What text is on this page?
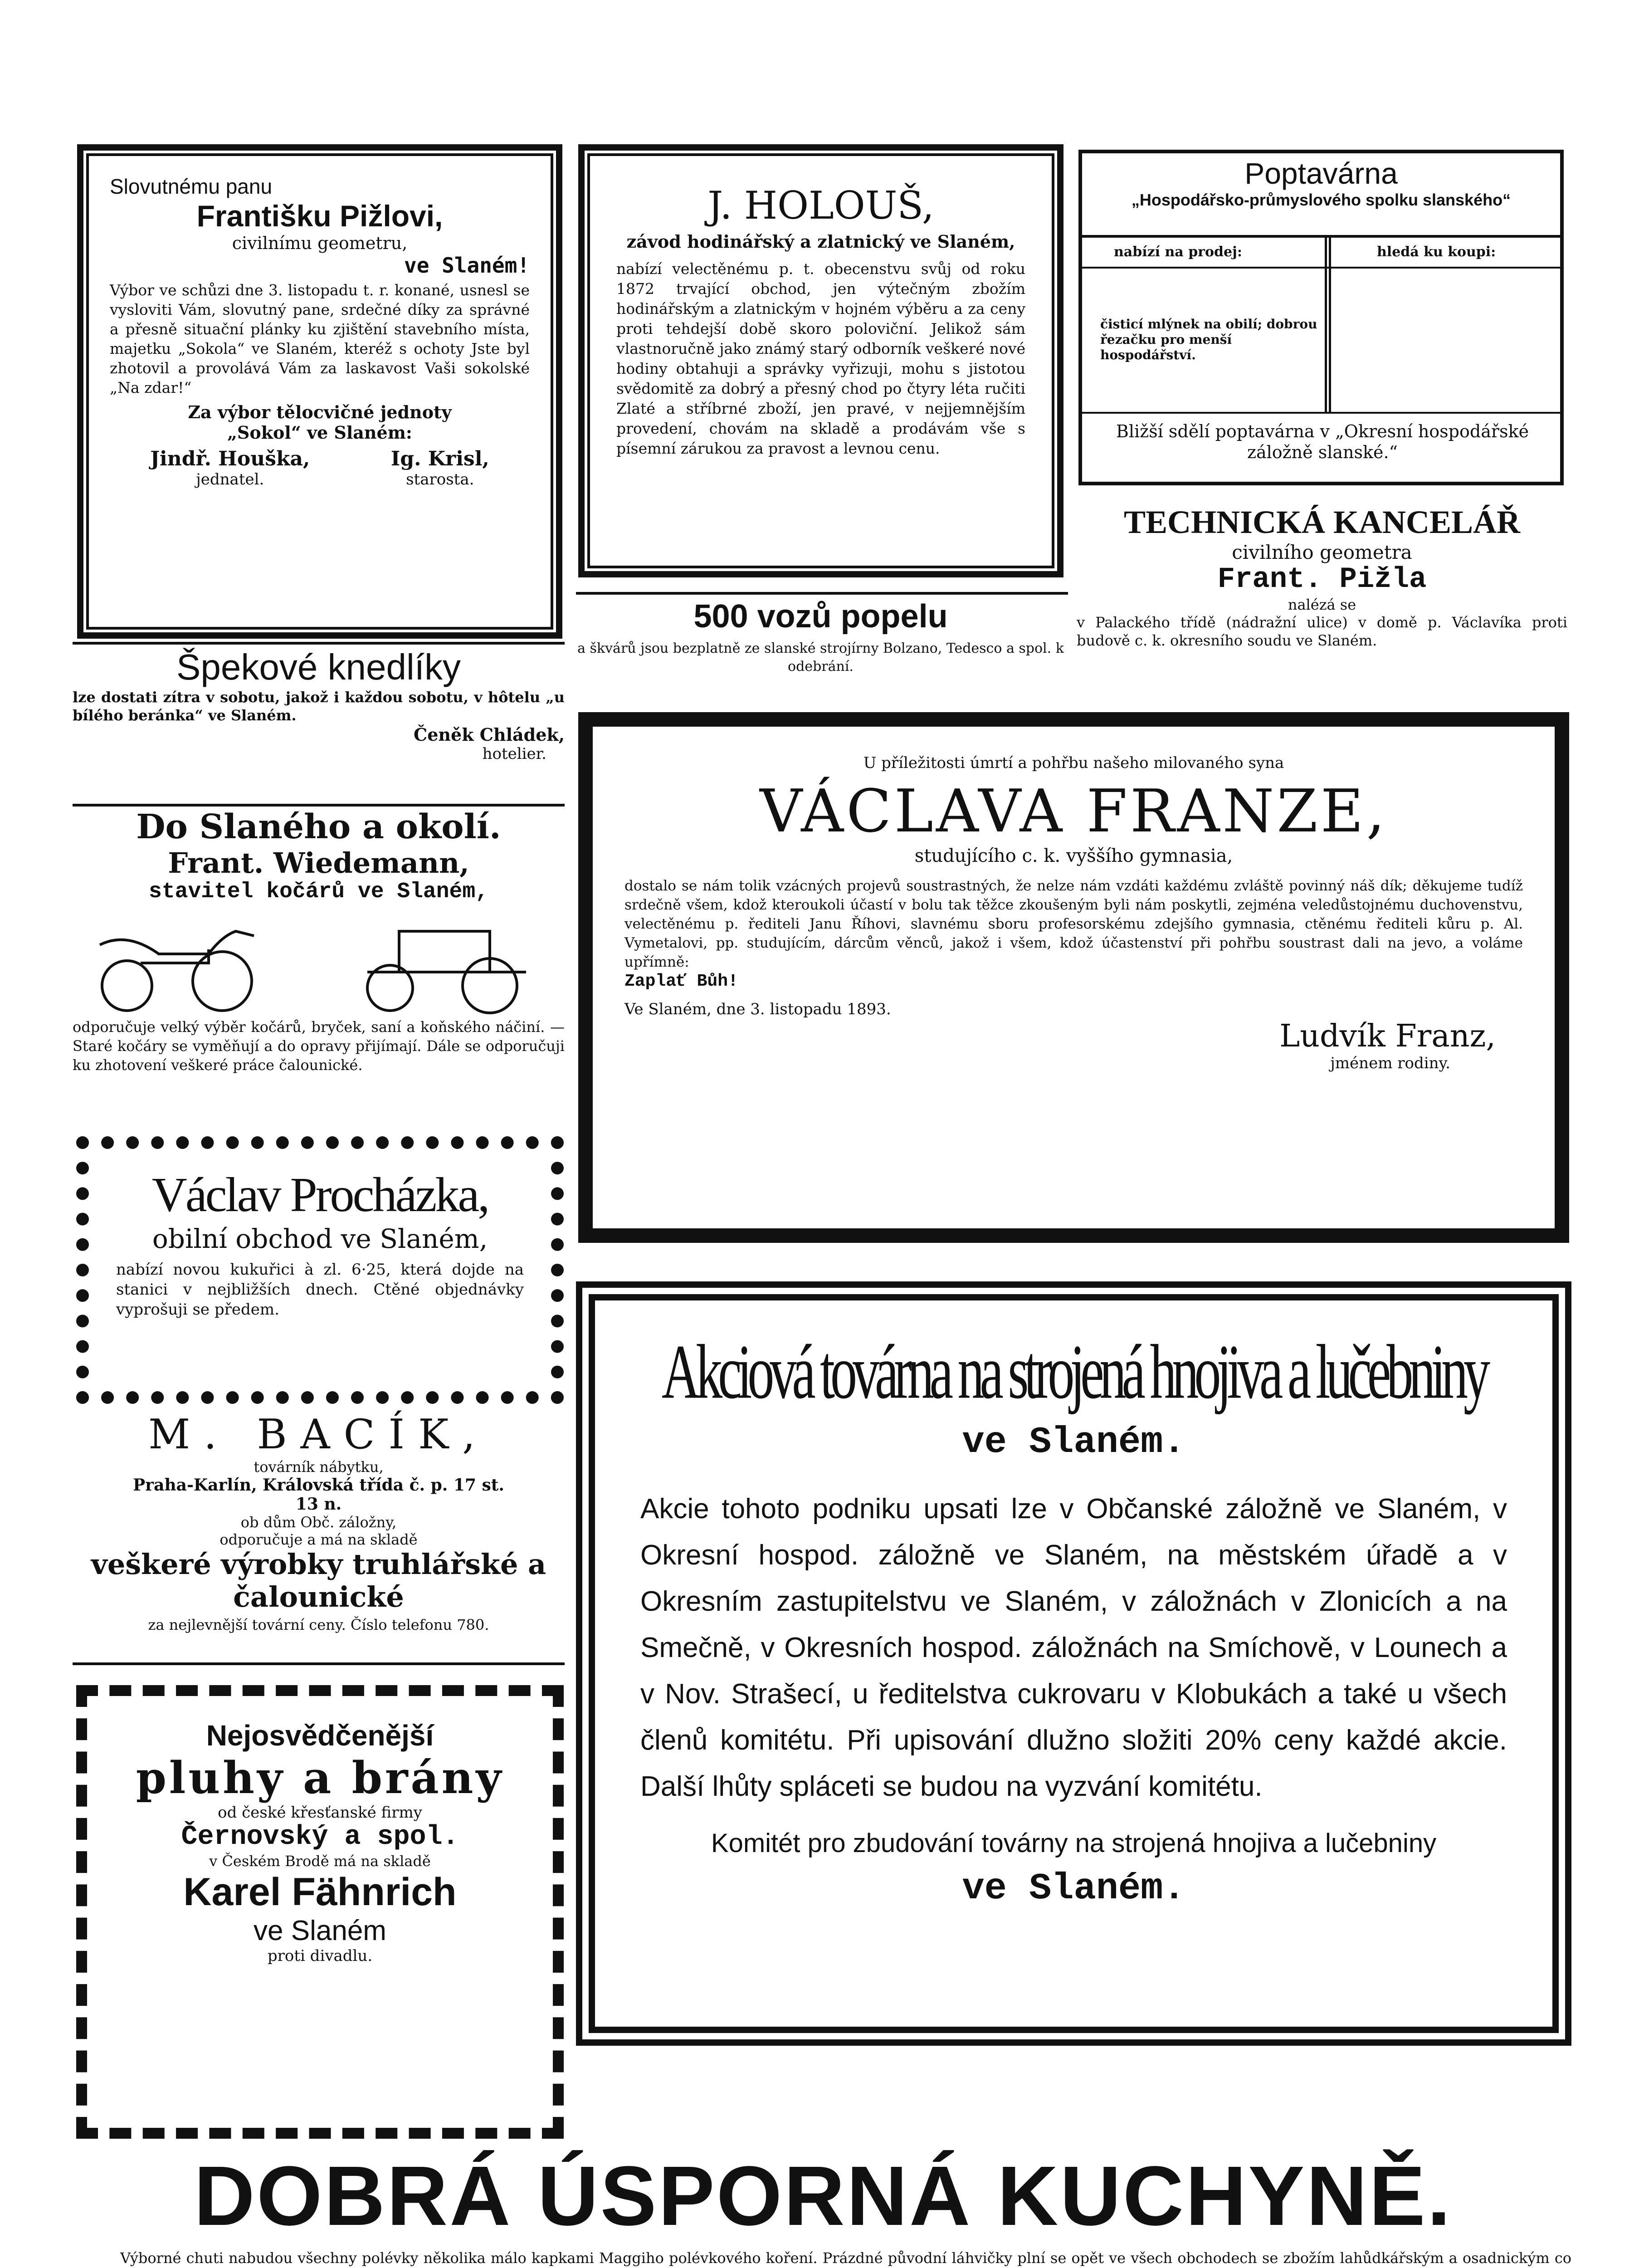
Slovutnému panu

Františku Pižlovi,

civilnímu geometru,

ve Slaném!

Výbor ve schůzi dne 3. listopadu t. r. konané, usnesl se vysloviti Vám, slovutný pane, srdečné díky za správné a přesně situační plánky ku zjištění stavebního místa, majetku „Sokola“ ve Slaném, kteréž s ochoty Jste byl zhotovil a provolává Vám za laskavost Vaši sokolské „Na zdar!“

Za výbor tělocvičné jednoty

„Sokol“ ve Slaném:

Jindř. Houška,

jednatel.

Ig. Krisl,

starosta.

J. HOLOUŠ,

závod hodinářský a zlatnický ve Slaném,

nabízí velectěnému p. t. obecenstvu svůj od roku 1872 trvající obchod, jen výtečným zbožím hodinářským a zlatnickým v hojném výběru a za ceny proti tehdejší době skoro poloviční. Jelikož sám vlastnoručně jako známý starý odborník veškeré nové hodiny obtahuji a správky vyřizuji, mohu s jistotou svědomitě za dobrý a přesný chod po čtyry léta ručiti Zlaté a stříbrné zboží, jen pravé, v nejjemnějším provedení, chovám na skladě a prodávám vše s písemní zárukou za pravost a levnou cenu.

Poptavárna

„Hospodářsko-průmyslového spolku slanského“

nabízí na prodej:	hledá ku koupi:

čisticí mlýnek na obilí; dobrou řezačku pro menší hospodářství.

Bližší sdělí poptavárna v „Okresní hospodářské záložně slanské.“

TECHNICKÁ KANCELÁŘ

civilního geometra

Frant. Pižla

nalézá se

v Palackého třídě (nádražní ulice) v domě p. Václavíka proti budově c. k. okresního soudu ve Slaném.

500 vozů popelu

a škvárů jsou bezplatně ze slanské strojírny Bolzano, Tedesco a spol. k odebrání.

Špekové knedlíky

lze dostati zítra v sobotu, jakož i každou sobotu, v hôtelu „u bílého beránka“ ve Slaném.

Čeněk Chládek,

hotelier.

Do Slaného a okolí.

Frant. Wiedemann,

stavitel kočárů ve Slaném,

odporučuje velký výběr kočárů, bryček, saní a koňského náčiní. — Staré kočáry se vyměňují a do opravy přijímají. Dále se odporučuji ku zhotovení veškeré práce čalounické.

Václav Procházka,

obilní obchod ve Slaném,

nabízí novou kukuřici à zl. 6·25, která dojde na stanici v nejbližších dnech. Ctěné objednávky vyprošuji se předem.

M. BACÍK,

továrník nábytku,

Praha-Karlín, Královská třída č. p. 17 st.

13 n.

ob dům Obč. záložny,

odporučuje a má na skladě

veškeré výrobky truhlářské a čalounické

za nejlevnější tovární ceny. Číslo telefonu 780.

Nejosvědčenější

pluhy a brány

od české křesťanské firmy

Černovský a spol.

v Českém Brodě má na skladě

Karel Fähnrich

ve Slaném

proti divadlu.

U příležitosti úmrtí a pohřbu našeho milovaného syna

VÁCLAVA FRANZE,

studujícího c. k. vyššího gymnasia,

dostalo se nám tolik vzácných projevů soustrastných, že nelze nám vzdáti každému zvláště povinný náš dík; děkujeme tudíž srdečně všem, kdož kteroukoli účastí v bolu tak těžce zkoušeným byli nám poskytli, zejména veledůstojnému duchovenstvu, velectěnému p. řediteli Janu Říhovi, slavnému sboru profesorskému zdejšího gymnasia, ctěnému řediteli kůru p. Al. Vymetalovi, pp. studujícím, dárcům věnců, jakož i všem, kdož účastenství při pohřbu soustrast dali na jevo, a voláme upřímně:

Zaplať Bůh!

Ve Slaném, dne 3. listopadu 1893.

Ludvík Franz,

jménem rodiny.

Akciová továrna na strojená hnojiva a lučebniny

ve Slaném.

Akcie tohoto podniku upsati lze v Občanské záložně ve Slaném, v Okresní hospod. záložně ve Slaném, na městském úřadě a v Okresním zastupitelstvu ve Slaném, v záložnách v Zlonicích a na Smečně, v Okresních hospod. záložnách na Smíchově, v Lounech a v Nov. Strašecí, u ředitelstva cukrovaru v Klobukách a také u všech členů komitétu. Při upisování dlužno složiti 20% ceny každé akcie. Další lhůty spláceti se budou na vyzvání komitétu.

Komitét pro zbudování továrny na strojená hnojiva a lučebniny

ve Slaném.

DOBRÁ ÚSPORNÁ KUCHYNĚ.

Výborné chuti nabudou všechny polévky několika málo kapkami Maggiho polévkového koření. Prázdné původní láhvičky plní se opět ve všech obchodech se zbožím lahůdkářským a osadnickým co
